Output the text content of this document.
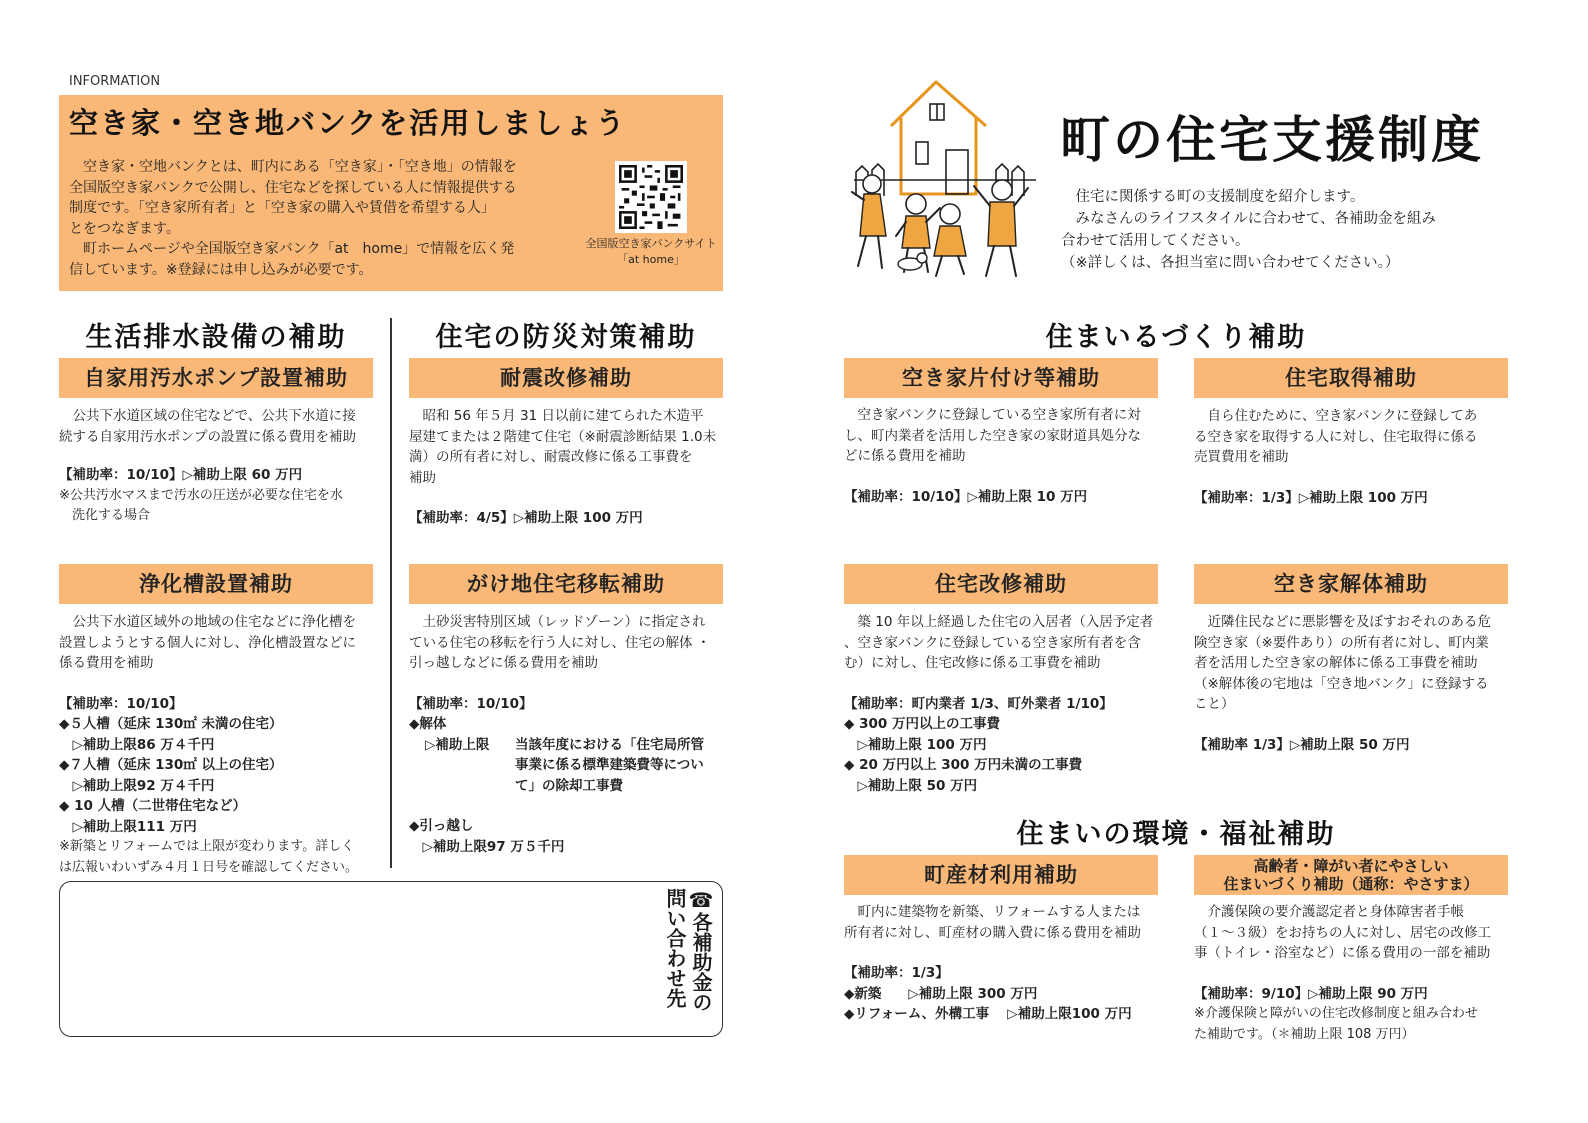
INFORMATION
空き家・空き地バンクを活用しましょう
　空き家・空地バンクとは、町内にある「空き家」・「空き地」の情報を
全国版空き家バンクで公開し、住宅などを探している人に情報提供する
制度です。「空き家所有者」と「空き家の購入や賃借を希望する人」
とをつなぎます。
　町ホームページや全国版空き家バンク「at　home」で情報を広く発
信しています。※登録には申し込みが必要です。
全国版空き家バンクサイト
「at home」
町の住宅支援制度
　住宅に関係する町の支援制度を紹介します。
　みなさんのライフスタイルに合わせて、各補助金を組み
合わせて活用してください。
（※詳しくは、各担当室に問い合わせてください。）
生活排水設備の補助	住宅の防災対策補助	住まいるづくり補助
住まいの環境・福祉補助
自家用汚水ポンプ設置補助

　公共下水道区域の住宅などで、公共下水道に接

続する自家用汚水ポンプの設置に係る費用を補助

【補助率：10/10】▷補助上限 60 万円

※公共汚水マスまで汚水の圧送が必要な住宅を水

　洗化する場合

浄化槽設置補助

　公共下水道区域外の地域の住宅などに浄化槽を

設置しようとする個人に対し、浄化槽設置などに

係る費用を補助

【補助率：10/10】

◆５人槽（延床 130㎡ 未満の住宅）

　▷補助上限86 万４千円

◆７人槽（延床 130㎡ 以上の住宅）

　▷補助上限92 万４千円

◆ 10 人槽（二世帯住宅など）

　▷補助上限111 万円

※新築とリフォームでは上限が変わります。詳しく

は広報いわいずみ４月１日号を確認してください。

耐震改修補助

　昭和 56 年５月 31 日以前に建てられた木造平

屋建てまたは２階建て住宅（※耐震診断結果 1.0未

満）の所有者に対し、耐震改修に係る工事費を

補助

【補助率：4/5】▷補助上限 100 万円

がけ地住宅移転補助

　土砂災害特別区域（レッドゾーン）に指定され

ている住宅の移転を行う人に対し、住宅の解体 ・

引っ越しなどに係る費用を補助

【補助率：10/10】

◆解体

▷補助上限	当該年度における「住宅局所管

事業に係る標準建築費等につい

て」の除却工事費

◆引っ越し

　▷補助上限97 万５千円

空き家片付け等補助

　空き家バンクに登録している空き家所有者に対

し、町内業者を活用した空き家の家財道具処分な

どに係る費用を補助

【補助率：10/10】▷補助上限 10 万円

住宅取得補助

　自ら住むために、空き家バンクに登録してあ

る空き家を取得する人に対し、住宅取得に係る

売買費用を補助

【補助率：1/3】▷補助上限 100 万円

住宅改修補助

　築 10 年以上経過した住宅の入居者（入居予定者

、空き家バンクに登録している空き家所有者を含

む）に対し、住宅改修に係る工事費を補助

【補助率：町内業者 1/3、町外業者 1/10】

◆ 300 万円以上の工事費

　▷補助上限 100 万円

◆ 20 万円以上 300 万円未満の工事費

　▷補助上限 50 万円

空き家解体補助

　近隣住民などに悪影響を及ぼすおそれのある危

険空き家（※要件あり）の所有者に対し、町内業

者を活用した空き家の解体に係る工事費を補助

（※解体後の宅地は「空き地バンク」に登録する

こと）

【補助率 1/3】▷補助上限 50 万円

町産材利用補助

　町内に建築物を新築、リフォームする人または

所有者に対し、町産材の購入費に係る費用を補助

【補助率：1/3】

◆新築　　▷補助上限 300 万円

◆リフォーム、外構工事　 ▷補助上限100 万円

高齢者・障がい者にやさしい
住まいづくり補助（通称：やさすま）

　介護保険の要介護認定者と身体障害者手帳

（１～３級）をお持ちの人に対し、居宅の改修工

事（トイレ・浴室など）に係る費用の一部を補助

【補助率：9/10】▷補助上限 90 万円

※介護保険と障がいの住宅改修制度と組み合わせ

た補助です。（＊補助上限 108 万円）

☎各補助金の
問い合わせ先
